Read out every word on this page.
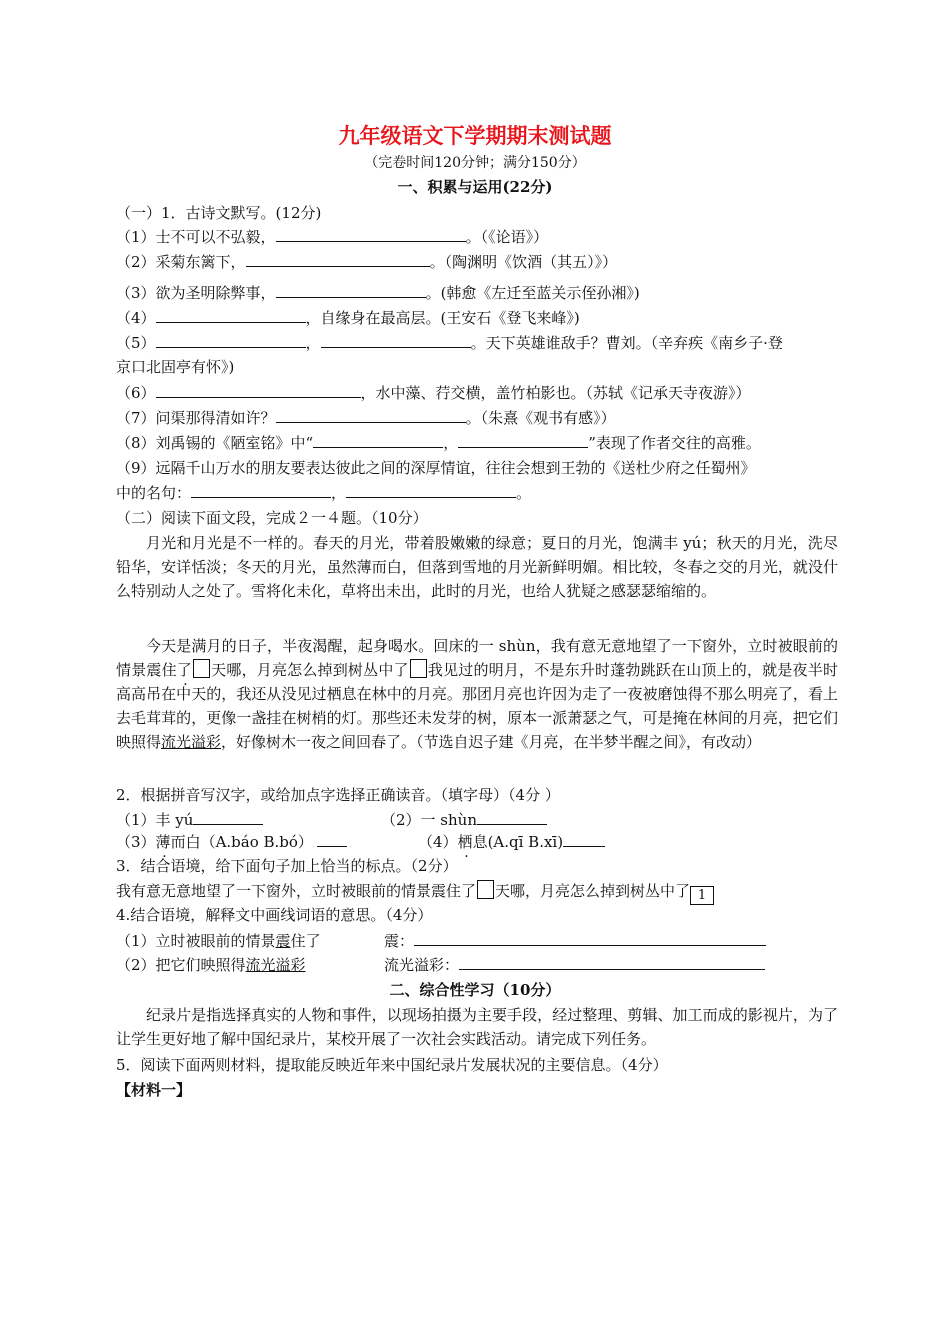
九年级语文下学期期末测试题
（完卷时间120分钟；满分150分）
一、积累与运用(22分)
（一）1．古诗文默写。(12分)
（1）士不可以不弘毅，	。（《论语》）
（2）采菊东篱下，	。（陶渊明《饮酒（其五）》）
（3）欲为圣明除弊事，	。(韩愈《左迁至蓝关示侄孙湘》)
（4）	，自缘身在最高层。(王安石《登飞来峰》)
（5）	，	。天下英雄谁敌手？曹刘。（辛弃疾《南乡子·登
京口北固亭有怀》)
（6）	，水中藻、荇交横，盖竹柏影也。（苏轼《记承天寺夜游》）
（7）问渠那得清如许？	。（朱熹《观书有感》）
（8）刘禹锡的《陋室铭》中“	，	”表现了作者交往的高雅。
（9）远隔千山万水的朋友要表达彼此之间的深厚情谊，往往会想到王勃的《送杜少府之任蜀州》
中的名句：	，	。
（二）阅读下面文段，完成２一４题。（10分）
月光和月光是不一样的。春天的月光，带着股嫩嫩的绿意；夏日的月光，饱满丰 yú；秋天的月光，洗尽铅华，安详恬淡；冬天的月光，虽然薄而白，但落到雪地的月光新鲜明媚。相比较，冬春之交的月光，就没什么特别动人之处了。雪将化未化，草将出未出，此时的月光，也给人犹疑之感瑟瑟缩缩的。
今天是满月的日子，半夜渴醒，起身喝水。回床的一 shùn，我有意无意地望了一下窗外，立时被眼前的情景震 ·住了 天哪，月亮怎么掉到树丛中了 我见过的明月，不是东升时蓬勃跳跃在山顶上的，就是夜半时高高吊在中天的，我还从没见过栖息在林中的月亮。那团月亮也许因为走了一夜被磨蚀得不那么明亮了，看上去毛茸茸的，更像一盏挂在树梢的灯。那些还未发芽的树，原本一派萧瑟之气，可是掩在林间的月亮，把它们映照得流光溢彩，好像树木一夜之间回春了。（节选自迟子建《月亮，在半梦半醒之间》，有改动）
2．根据拼音写汉字，或给加点字选择正确读音。（填字母）（4分 ）
（1）丰 yú	（2）一 shùn
（3）薄而白（A.báo B.bó）	（4）栖息(A.qī B.xī)
3．结合语境，给下面句子加上恰当的标点。（2分）
我有意无意地望了一下窗外，立时被眼前的情景震住了 天哪，月亮怎么掉到树丛中了 1
4.结合语境，解释文中画线词语的意思。（4分）
（1）立时被眼前的情景震住了	震：
（2）把它们映照得流光溢彩	流光溢彩：
二、综合性学习（10分）
纪录片是指选择真实的人物和事件，以现场拍摄为主要手段，经过整理、剪辑、加工而成的影视片，为了让学生更好地了解中国纪录片，某校开展了一次社会实践活动。请完成下列任务。
5．阅读下面两则材料，提取能反映近年来中国纪录片发展状况的主要信息。（4分）
【材料一】
